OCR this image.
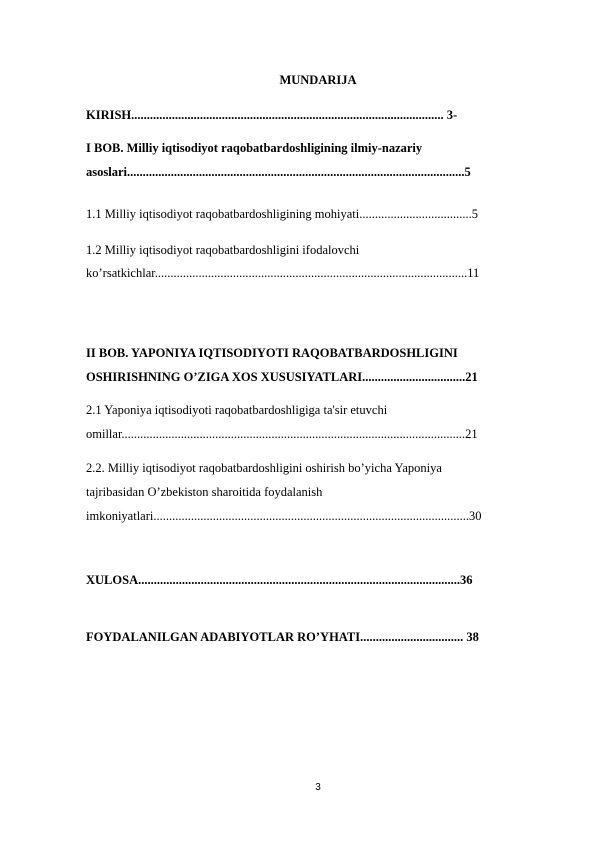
MUNDARIJA
KIRISH.................................................................................................... 3-
I BOB. Milliy iqtisodiyot raqobatbardoshligining ilmiy-nazariy
asoslari............................................................................................................5
1.1 Milliy iqtisodiyot raqobatbardoshligining mohiyati....................................5
1.2 Milliy iqtisodiyot raqobatbardoshligini ifodalovchi
ko’rsatkichlar....................................................................................................11
II BOB. YAPONIYA IQTISODIYOTI RAQOBATBARDOSHLIGINI
OSHIRISHNING O’ZIGA XOS XUSUSIYATLARI.................................21
2.1 Yaponiya iqtisodiyoti raqobatbardoshligiga ta'sir etuvchi
omillar..............................................................................................................21
2.2. Milliy iqtisodiyot raqobatbardoshligini oshirish bo’yicha Yaponiya
tajribasidan O’zbekiston sharoitida foydalanish
imkoniyatlari.....................................................................................................30
XULOSA.......................................................................................................36
FOYDALANILGAN ADABIYOTLAR RO’YHATI................................. 38
3
